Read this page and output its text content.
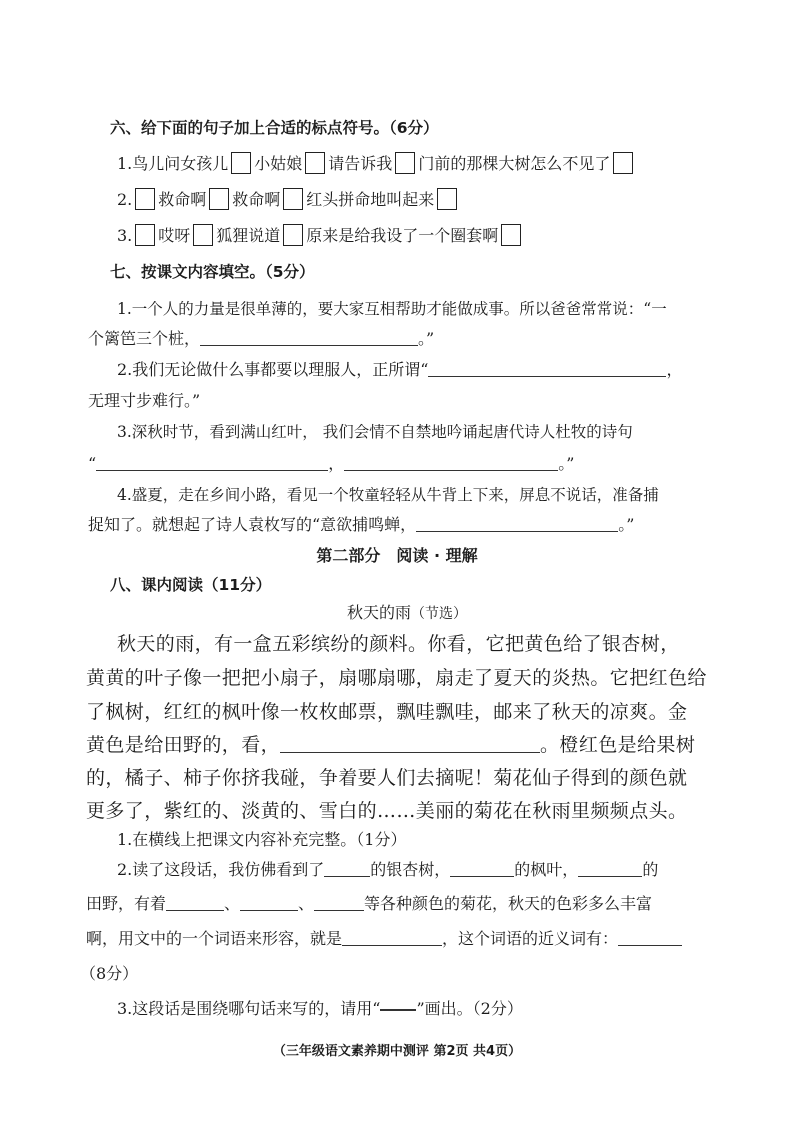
六、给下面的句子加上合适的标点符号。（6分）
1.鸟儿问女孩儿 小姑娘 请告诉我 门前的那棵大树怎么不见了
2. 救命啊 救命啊 红头拼命地叫起来
3. 哎呀 狐狸说道 原来是给我设了一个圈套啊
七、按课文内容填空。（5分）
1.一个人的力量是很单薄的，要大家互相帮助才能做成事。所以爸爸常常说：“一
个篱笆三个桩，	。”
2.我们无论做什么事都要以理服人，正所谓“	，
无理寸步难行。”
3.深秋时节，看到满山红叶， 我们会情不自禁地吟诵起唐代诗人杜牧的诗句
“	，	。”
4.盛夏，走在乡间小路，看见一个牧童轻轻从牛背上下来，屏息不说话，准备捕
捉知了。就想起了诗人袁枚写的“意欲捕鸣蝉，	。”
第二部分　阅读 · 理解
八、课内阅读（11分）
秋天的雨（节选）
秋天的雨，有一盒五彩缤纷的颜料。你看，它把黄色给了银杏树，
黄黄的叶子像一把把小扇子，扇哪扇哪，扇走了夏天的炎热。它把红色给
了枫树，红红的枫叶像一枚枚邮票，飘哇飘哇，邮来了秋天的凉爽。金
黄色是给田野的，看，	。橙红色是给果树
的，橘子、柿子你挤我碰，争着要人们去摘呢！菊花仙子得到的颜色就
更多了，紫红的、淡黄的、雪白的……美丽的菊花在秋雨里频频点头。
1.在横线上把课文内容补充完整。（1分）
2.读了这段话，我仿佛看到了	的银杏树，	的枫叶，	的
田野，有着	、	、	等各种颜色的菊花，秋天的色彩多么丰富
啊，用文中的一个词语来形容，就是	，这个词语的近义词有：
（8分）
3.这段话是围绕哪句话来写的，请用“ ”画出。（2分）
（三年级语文素养期中测评 第2页 共4页）
